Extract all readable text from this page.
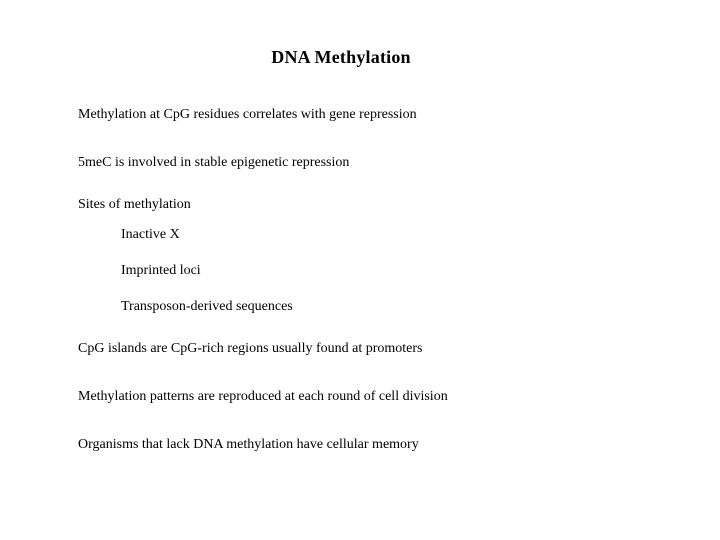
DNA Methylation
Methylation at CpG residues correlates with gene repression
5meC is involved in stable epigenetic repression
Sites of methylation
Inactive X
Imprinted loci
Transposon-derived sequences
CpG islands are CpG-rich regions usually found at promoters
Methylation patterns are reproduced at each round of cell division
Organisms that lack DNA methylation have cellular memory
